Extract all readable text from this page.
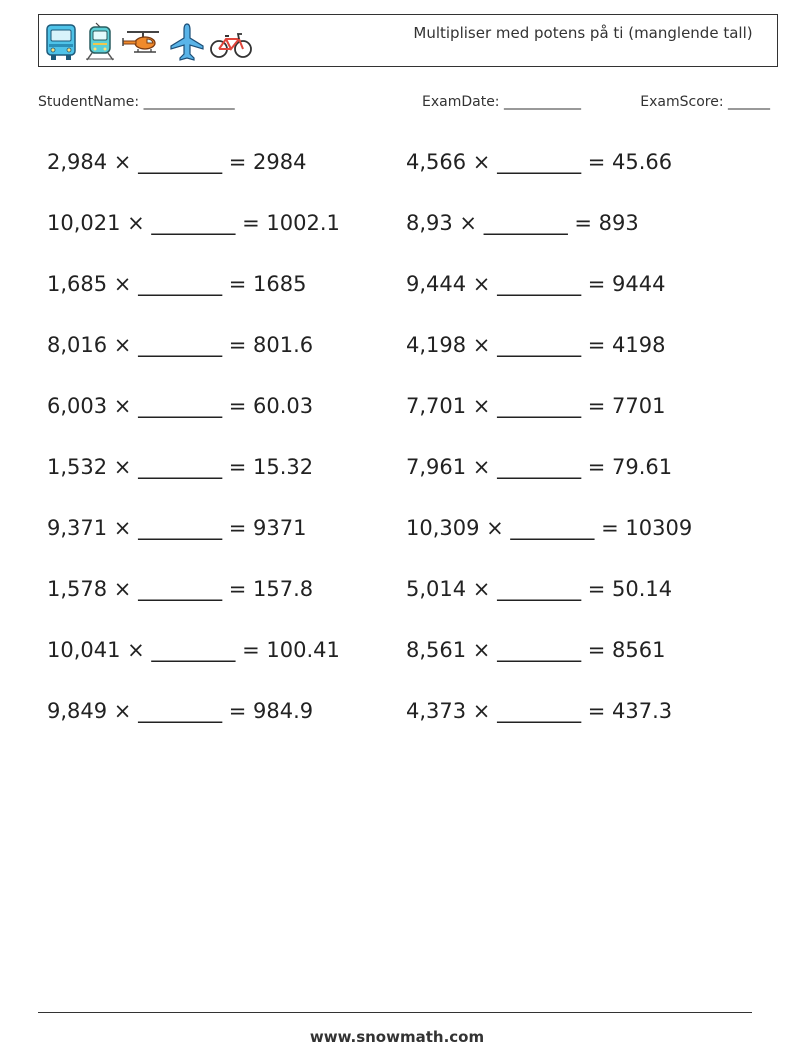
Multipliser med potens på ti (manglende tall)
StudentName: _____________	ExamDate: ___________	ExamScore: ______
2,984 × ________ = 2984	4,566 × ________ = 45.66
10,021 × ________ = 1002.1	8,93 × ________ = 893
1,685 × ________ = 1685	9,444 × ________ = 9444
8,016 × ________ = 801.6	4,198 × ________ = 4198
6,003 × ________ = 60.03	7,701 × ________ = 7701
1,532 × ________ = 15.32	7,961 × ________ = 79.61
9,371 × ________ = 9371	10,309 × ________ = 10309
1,578 × ________ = 157.8	5,014 × ________ = 50.14
10,041 × ________ = 100.41	8,561 × ________ = 8561
9,849 × ________ = 984.9	4,373 × ________ = 437.3
www.snowmath.com
